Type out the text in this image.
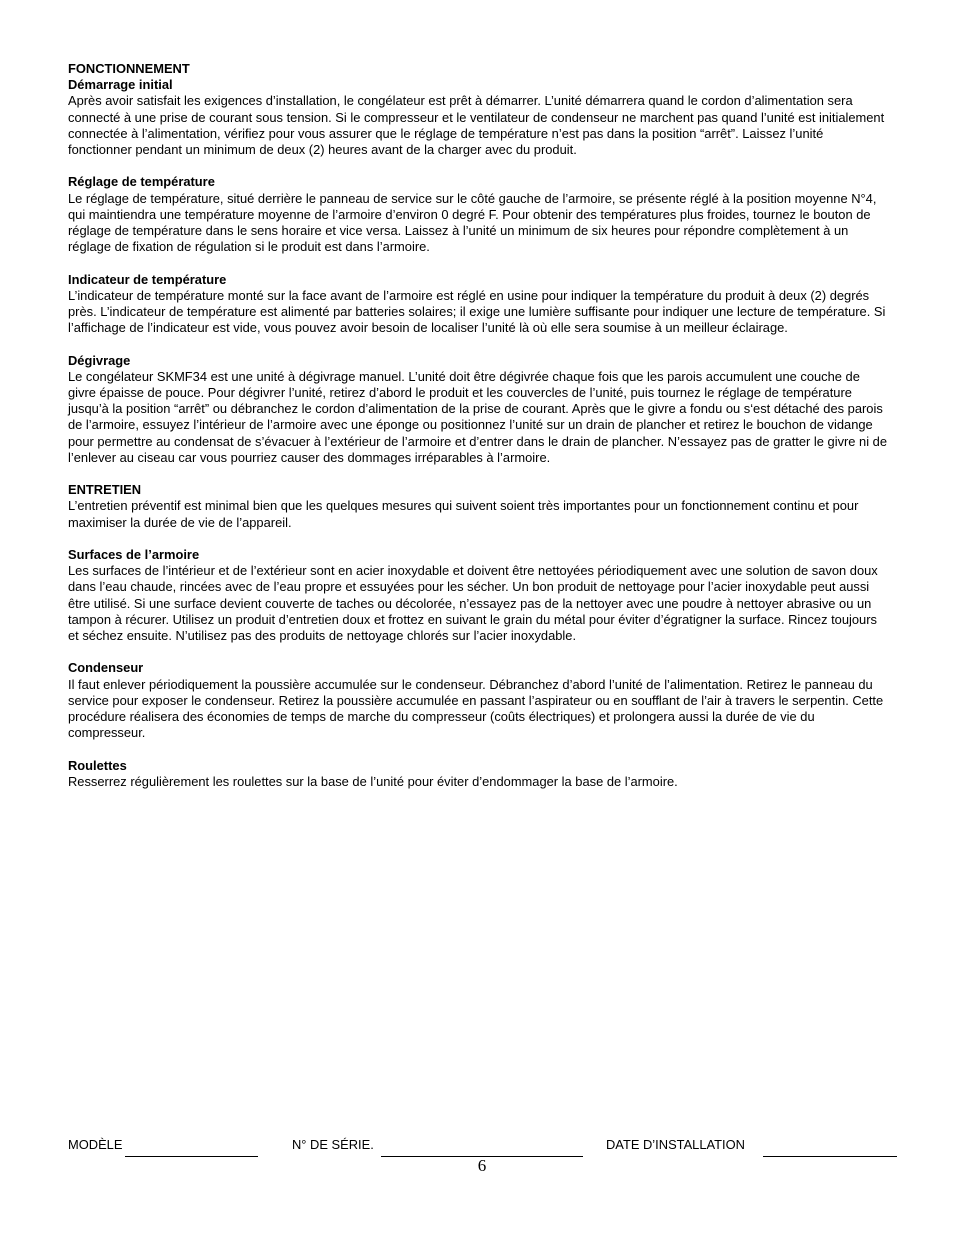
FONCTIONNEMENT
Démarrage initial
Après avoir satisfait les exigences d’installation, le congélateur est prêt à démarrer. L’unité démarrera quand le cordon d’alimentation sera connecté à une prise de courant sous tension. Si le compresseur et le ventilateur de condenseur ne marchent pas quand l’unité est initialement connectée à l’alimentation, vérifiez pour vous assurer que le réglage de température n’est pas dans la position “arrêt”. Laissez l’unité fonctionner pendant un minimum de deux (2) heures avant de la charger avec du produit.
Réglage de température
Le réglage de température, situé derrière le panneau de service sur le côté gauche de l’armoire, se présente réglé à la position moyenne N°4, qui maintiendra une température moyenne de l’armoire d’environ 0 degré F. Pour obtenir des températures plus froides, tournez le bouton de réglage de température dans le sens horaire et vice versa. Laissez à l’unité un minimum de six heures pour répondre complètement à un réglage de fixation de régulation si le produit est dans l’armoire.
Indicateur de température
L’indicateur de température monté sur la face avant de l’armoire est réglé en usine pour indiquer la température du produit à deux (2) degrés près. L’indicateur de température est alimenté par batteries solaires; il exige une lumière suffisante pour indiquer une lecture de température. Si l’affichage de l’indicateur est vide, vous pouvez avoir besoin de localiser l’unité là où elle sera soumise à un meilleur éclairage.
Dégivrage
Le congélateur SKMF34 est une unité à dégivrage manuel. L’unité doit être dégivrée chaque fois que les parois accumulent une couche de givre épaisse de pouce. Pour dégivrer l’unité, retirez d’abord le produit et les couvercles de l’unité, puis tournez le réglage de température jusqu’à la position “arrêt” ou débranchez le cordon d’alimentation de la prise de courant. Après que le givre a fondu ou s‘est détaché des parois de l’armoire, essuyez l’intérieur de l’armoire avec une éponge ou positionnez l’unité sur un drain de plancher et retirez le bouchon de vidange pour permettre au condensat de s’évacuer à l’extérieur de l’armoire et d’entrer dans le drain de plancher. N’essayez pas de gratter le givre ni de l’enlever au ciseau car vous pourriez causer des dommages irréparables à l’armoire.
ENTRETIEN
L’entretien préventif est minimal bien que les quelques mesures qui suivent soient très importantes pour un fonctionnement continu et pour maximiser la durée de vie de l’appareil.
Surfaces de l’armoire
Les surfaces de l’intérieur et de l’extérieur sont en acier inoxydable et doivent être nettoyées périodiquement avec une solution de savon doux dans l’eau chaude, rincées avec de l’eau propre et essuyées pour les sécher. Un bon produit de nettoyage pour l’acier inoxydable peut aussi être utilisé. Si une surface devient couverte de taches ou décolorée, n’essayez pas de la nettoyer avec une poudre à nettoyer abrasive ou un tampon à récurer. Utilisez un produit d’entretien doux et frottez en suivant le grain du métal pour éviter d’égratigner la surface. Rincez toujours et séchez ensuite. N’utilisez pas des produits de nettoyage chlorés sur l’acier inoxydable.
Condenseur
Il faut enlever périodiquement la poussière accumulée sur le condenseur. Débranchez d’abord l’unité de l’alimentation. Retirez le panneau du service pour exposer le condenseur. Retirez la poussière accumulée en passant l’aspirateur ou en soufflant de l’air à travers le serpentin. Cette procédure réalisera des économies de temps de marche du compresseur (coûts électriques) et prolongera aussi la durée de vie du compresseur.
Roulettes
Resserrez régulièrement les roulettes sur la base de l’unité pour éviter d’endommager la base de l’armoire.
MODÈLE	N° DE SÉRIE.	DATE D’INSTALLATION
6
